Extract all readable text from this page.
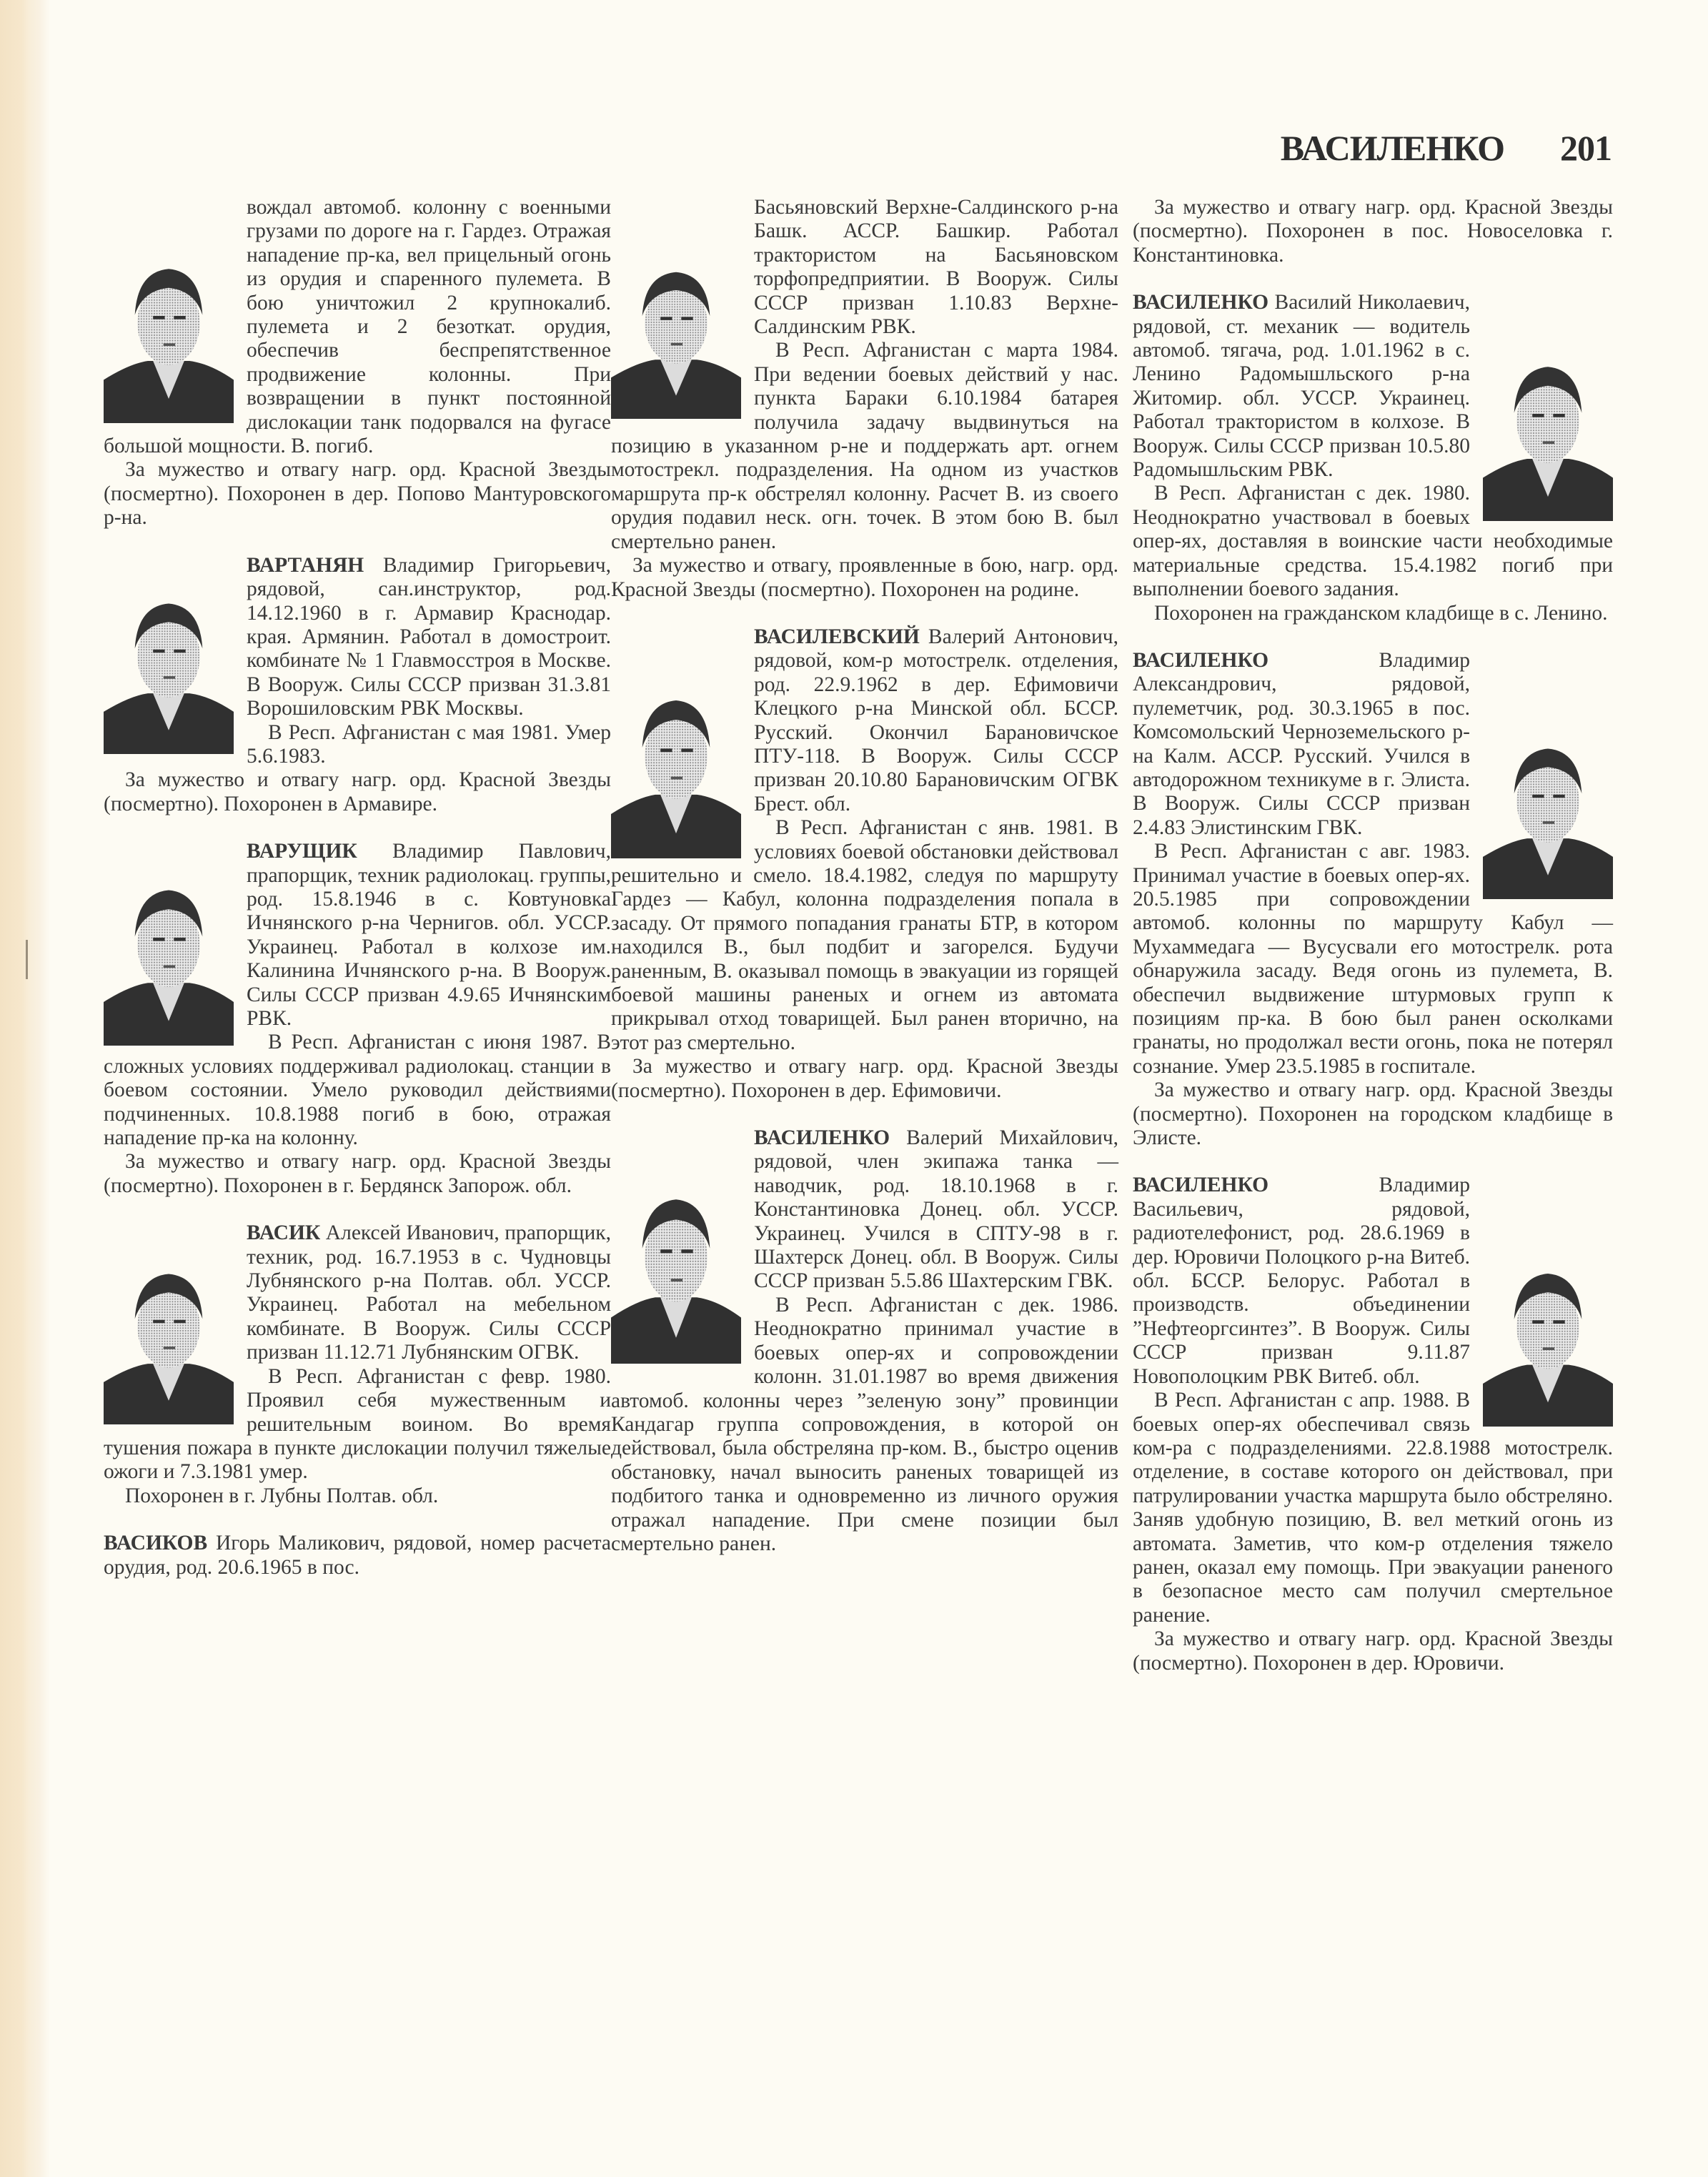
ВАСИЛЕНКО 201

вождал автомоб. колонну с военными грузами по дороге на г. Гардез. Отражая нападение пр-ка, вел прицельный огонь из орудия и спаренного пулемета. В бою уничтожил 2 крупнокалиб. пулемета и 2 безоткат. орудия, обеспечив беспрепятственное продвижение колонны. При возвращении в пункт постоянной дислокации танк подорвался на фугасе большой мощности. В. погиб.

За мужество и отвагу нагр. орд. Красной Звезды (посмертно). Похоронен в дер. Попово Мантуровского р-на.

ВАРТАНЯН Владимир Григорьевич, рядовой, сан.инструктор, род. 14.12.1960 в г. Армавир Краснодар. края. Армянин. Работал в домостроит. комбинате № 1 Главмосстроя в Москве. В Вооруж. Силы СССР призван 31.3.81 Ворошиловским РВК Москвы.

В Респ. Афганистан с мая 1981. Умер 5.6.1983.

За мужество и отвагу нагр. орд. Красной Звезды (посмертно). Похоронен в Армавире.

ВАРУЩИК Владимир Павлович, прапорщик, техник радиолокац. группы, род. 15.8.1946 в с. Ковтуновка Ичнянского р-на Чернигов. обл. УССР. Украинец. Работал в колхозе им. Калинина Ичнянского р-на. В Вооруж. Силы СССР призван 4.9.65 Ичнянским РВК.

В Респ. Афганистан с июня 1987. В сложных условиях поддерживал радиолокац. станции в боевом состоянии. Умело руководил действиями подчиненных. 10.8.1988 погиб в бою, отражая нападение пр-ка на колонну.

За мужество и отвагу нагр. орд. Красной Звезды (посмертно). Похоронен в г. Бердянск Запорож. обл.

ВАСИК Алексей Иванович, прапорщик, техник, род. 16.7.1953 в с. Чудновцы Лубнянского р-на Полтав. обл. УССР. Украинец. Работал на мебельном комбинате. В Вооруж. Силы СССР призван 11.12.71 Лубнянским ОГВК.

В Респ. Афганистан с февр. 1980. Проявил себя мужественным и решительным воином. Во время тушения пожара в пункте дислокации получил тяжелые ожоги и 7.3.1981 умер.

Похоронен в г. Лубны Полтав. обл.

ВАСИКОВ Игорь Маликович, рядовой, номер расчета орудия, род. 20.6.1965 в пос.

Басьяновский Верхне-Салдинского р-на Башк. АССР. Башкир. Работал трактористом на Басьяновском торфопредприятии. В Вооруж. Силы СССР призван 1.10.83 Верхне-Салдинским РВК.

В Респ. Афганистан с марта 1984. При ведении боевых действий у нас. пункта Бараки 6.10.1984 батарея получила задачу выдвинуться на позицию в указанном р-не и поддержать арт. огнем мотострекл. подразделения. На одном из участков маршрута пр-к обстрелял колонну. Расчет В. из своего орудия подавил неск. огн. точек. В этом бою В. был смертельно ранен.

За мужество и отвагу, проявленные в бою, нагр. орд. Красной Звезды (посмертно). Похоронен на родине.

ВАСИЛЕВСКИЙ Валерий Антонович, рядовой, ком-р мотострелк. отделения, род. 22.9.1962 в дер. Ефимовичи Клецкого р-на Минской обл. БССР. Русский. Окончил Барановичское ПТУ-118. В Вооруж. Силы СССР призван 20.10.80 Барановичским ОГВК Брест. обл.

В Респ. Афганистан с янв. 1981. В условиях боевой обстановки действовал решительно и смело. 18.4.1982, следуя по маршруту Гардез — Кабул, колонна подразделения попала в засаду. От прямого попадания гранаты БТР, в котором находился В., был подбит и загорелся. Будучи раненным, В. оказывал помощь в эвакуации из горящей боевой машины раненых и огнем из автомата прикрывал отход товарищей. Был ранен вторично, на этот раз смертельно.

За мужество и отвагу нагр. орд. Красной Звезды (посмертно). Похоронен в дер. Ефимовичи.

ВАСИЛЕНКО Валерий Михайлович, рядовой, член экипажа танка — наводчик, род. 18.10.1968 в г. Константиновка Донец. обл. УССР. Украинец. Учился в СПТУ-98 в г. Шахтерск Донец. обл. В Вооруж. Силы СССР призван 5.5.86 Шахтерским ГВК.

В Респ. Афганистан с дек. 1986. Неоднократно принимал участие в боевых опер-ях и сопровождении колонн. 31.01.1987 во время движения автомоб. колонны через ”зеленую зону” провинции Кандагар группа сопровождения, в которой он действовал, была обстреляна пр-ком. В., быстро оценив обстановку, начал выносить раненых товарищей из подбитого танка и одновременно из личного оружия отражал нападение. При смене позиции был смертельно ранен.

За мужество и отвагу нагр. орд. Красной Звезды (посмертно). Похоронен в пос. Новоселовка г. Константиновка.

ВАСИЛЕНКО Василий Николаевич, рядовой, ст. механик — водитель автомоб. тягача, род. 1.01.1962 в с. Ленино Радомышльского р-на Житомир. обл. УССР. Украинец. Работал трактористом в колхозе. В Вооруж. Силы СССР призван 10.5.80 Радомышльским РВК.

В Респ. Афганистан с дек. 1980. Неоднократно участвовал в боевых опер-ях, доставляя в воинские части необходимые материальные средства. 15.4.1982 погиб при выполнении боевого задания.

Похоронен на гражданском кладбище в с. Ленино.

ВАСИЛЕНКО	Владимир Александрович, рядовой, пулеметчик, род. 30.3.1965 в пос. Комсомольский Черноземельского р-на Калм. АССР. Русский. Учился в автодорожном техникуме в г. Элиста. В Вооруж. Силы СССР призван 2.4.83 Элистинским ГВК.

В Респ. Афганистан с авг. 1983. Принимал участие в боевых опер-ях. 20.5.1985 при сопровождении автомоб. колонны по маршруту Кабул — Мухаммедага — Вусусвали его мотострелк. рота обнаружила засаду. Ведя огонь из пулемета, В. обеспечил выдвижение штурмовых групп к позициям пр-ка. В бою был ранен осколками гранаты, но продолжал вести огонь, пока не потерял сознание. Умер 23.5.1985 в госпитале.

За мужество и отвагу нагр. орд. Красной Звезды (посмертно). Похоронен на городском кладбище в Элисте.

ВАСИЛЕНКО	Владимир Васильевич, рядовой, радиотелефонист, род. 28.6.1969 в дер. Юровичи Полоцкого р-на Витеб. обл. БССР. Белорус. Работал в производств. объединении ”Нефтеоргсинтез”. В Вооруж. Силы СССР призван 9.11.87 Новополоцким РВК Витеб. обл.

В Респ. Афганистан с апр. 1988. В боевых опер-ях обеспечивал связь ком-ра с подразделениями. 22.8.1988 мотострелк. отделение, в составе которого он действовал, при патрулировании участка маршрута было обстреляно. Заняв удобную позицию, В. вел меткий огонь из автомата. Заметив, что ком-р отделения тяжело ранен, оказал ему помощь. При эвакуации раненого в безопасное место сам получил смертельное ранение.

За мужество и отвагу нагр. орд. Красной Звезды (посмертно). Похоронен в дер. Юровичи.
